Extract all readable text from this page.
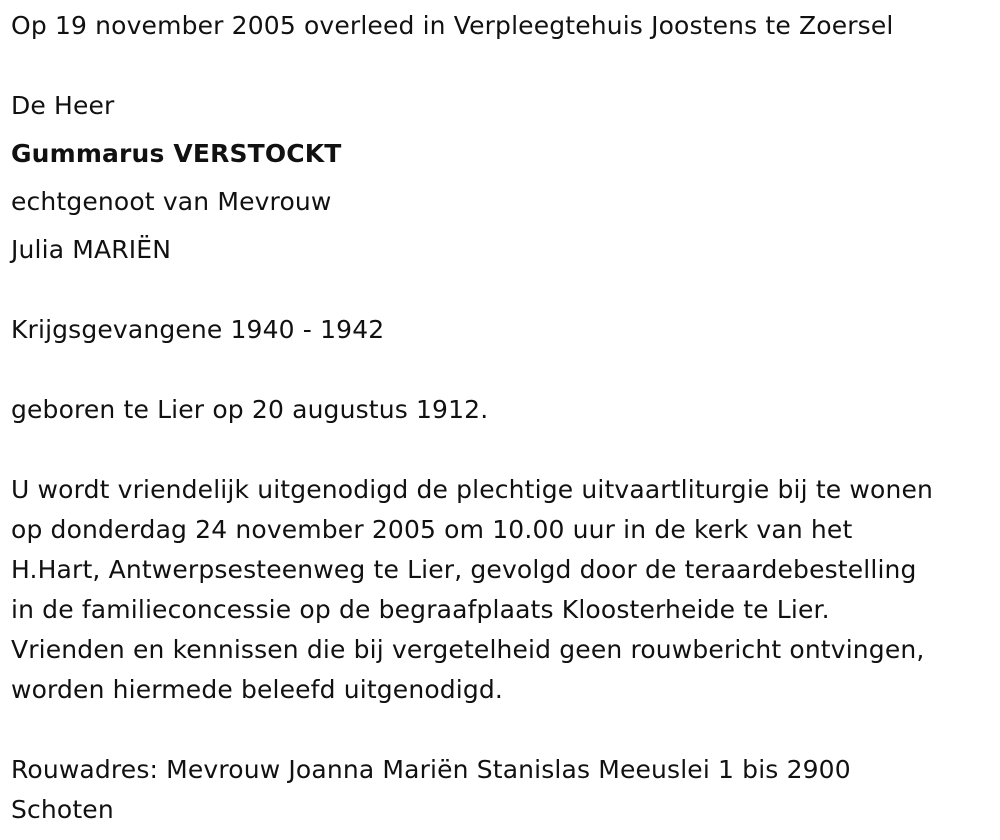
Op 19 november 2005 overleed in Verpleegtehuis Joostens te Zoersel
De Heer
Gummarus VERSTOCKT
echtgenoot van Mevrouw
Julia MARIËN
Krijgsgevangene 1940 - 1942
geboren te Lier op 20 augustus 1912.
U wordt vriendelijk uitgenodigd de plechtige uitvaartliturgie bij te wonen
op donderdag 24 november 2005 om 10.00 uur in de kerk van het
H.Hart, Antwerpsesteenweg te Lier, gevolgd door de teraardebestelling
in de familieconcessie op de begraafplaats Kloosterheide te Lier.
Vrienden en kennissen die bij vergetelheid geen rouwbericht ontvingen,
worden hiermede beleefd uitgenodigd.
Rouwadres: Mevrouw Joanna Mariën Stanislas Meeuslei 1 bis 2900
Schoten
